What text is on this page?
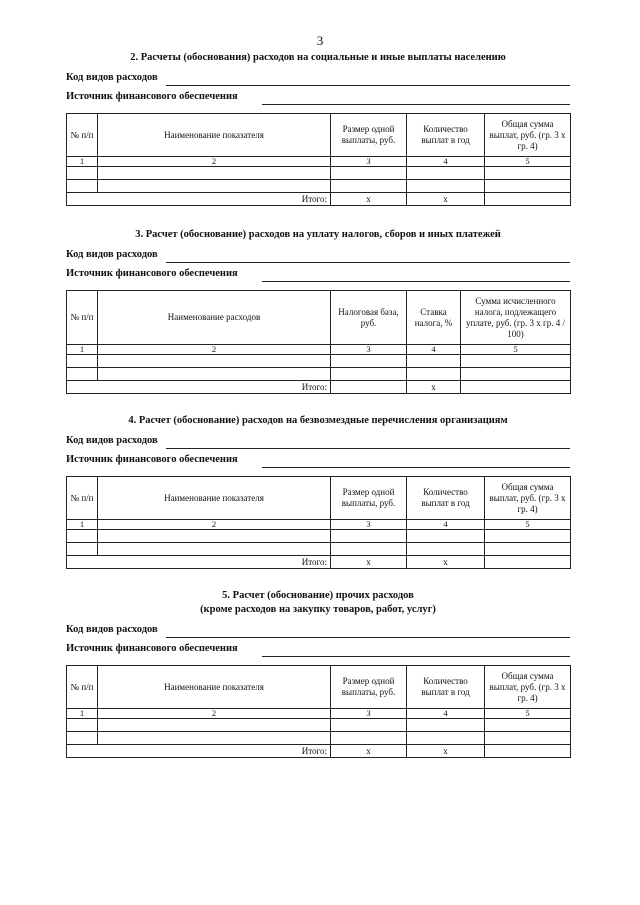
3
2. Расчеты (обоснования) расходов на социальные и иные выплаты населению
Код видов расходов
Источник финансового обеспечения
№ п/п	Наименование показателя	Размер одной выплаты, руб.	Количество выплат в год	Общая сумма выплат, руб. (гр. 3 х гр. 4)
1	2	3	4	5

	Итого:	х	х	
3. Расчет (обоснование) расходов на уплату налогов, сборов и иных платежей
Код видов расходов
Источник финансового обеспечения
№ п/п	Наименование расходов	Налоговая база, руб.	Ставка налога, %	Сумма исчисленного налога, подлежащего уплате, руб. (гр. 3 х гр. 4 / 100)
1	2	3	4	5

	Итого:		х	
4. Расчет (обоснование) расходов на безвозмездные перечисления организациям
Код видов расходов
Источник финансового обеспечения
№ п/п	Наименование показателя	Размер одной выплаты, руб.	Количество выплат в год	Общая сумма выплат, руб. (гр. 3 х гр. 4)
1	2	3	4	5

	Итого:	х	х	
5. Расчет (обоснование) прочих расходов
(кроме расходов на закупку товаров, работ, услуг)
Код видов расходов
Источник финансового обеспечения
№ п/п	Наименование показателя	Размер одной выплаты, руб.	Количество выплат в год	Общая сумма выплат, руб. (гр. 3 х гр. 4)
1	2	3	4	5

	Итого:	х	х	
